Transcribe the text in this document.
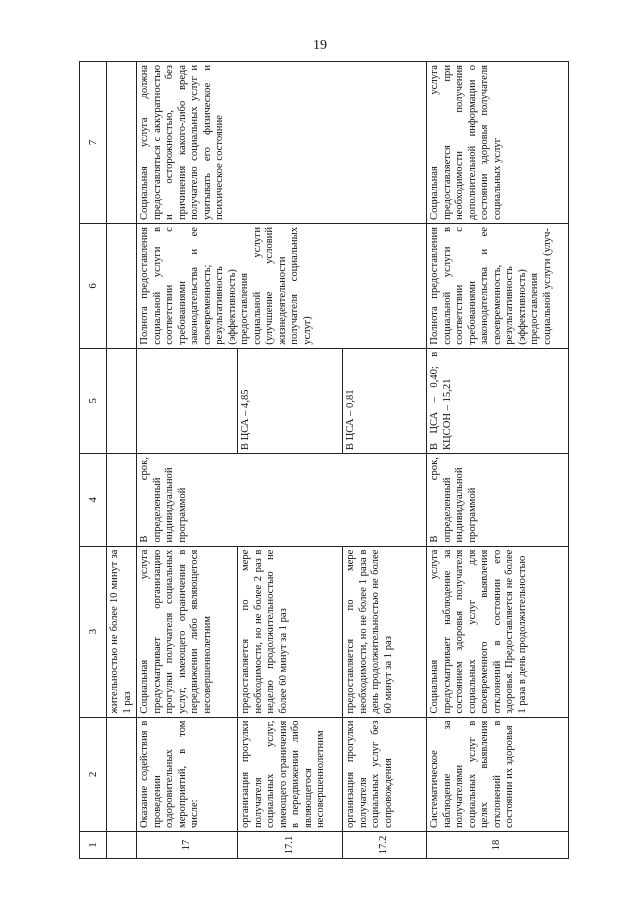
19
1	2	3	4	5	6	7
		жительностью не более 10 минут за 1 раз				
17	Оказание содействия в проведении оздоровительных мероприятий, в том числе:	Социальная услуга предусматривает организацию прогулки получателя социальных услуг, имеющего ограничения в передвижении либо являющегося несовершеннолетним	В срок, определенный индивидуальной программой		Полнота предоставления социальной услуги в соответствии с требованиями законодательства и ее своевременность; результативность (эффективность) предоставления социальной услуги (улучшение условий жизнедеятельности получателя социальных услуг)	Социальная услуга должна предоставляться с аккуратностью и осторожностью, без причинения какого-либо вреда получателю социальных услуг и учитывать его физическое и психическое состояние
17.1	организация прогулки получателя социальных услуг, имеющего ограничения в передвижении либо являющегося несовершеннолетним	предоставляется по мере необходимости, но не более 2 раз в неделю продолжительностью не более 60 минут за 1 раз		В ЦСА – 4,85		
17.2	организация прогулки получателя социальных услуг без сопровождения	предоставляется по мере необходимости, но не более 1 раза в день продолжительностью не более 60 минут за 1 раз		В ЦСА – 0,81		
18	Систематическое наблюдение за получателями социальных услуг в целях выявления отклонений в состоянии их здоровья	Социальная услуга предусматривает наблюдение за состоянием здоровья получателя социальных услуг для своевременного выявления отклонений в состоянии его здоровья. Предоставляется не более 1 раза в день продолжительностью	В срок, определенный индивидуальной программой	В ЦСА – 0,40; в КЦСОН – 15,21	Полнота предоставления социальной услуги в соответствии с требованиями законодательства и ее своевременность, результативность (эффективность) предоставления социальной услуги (улуч-	Социальная услуга предоставляется при необходимости получения дополнительной информации о состоянии здоровья получателя социальных услуг
